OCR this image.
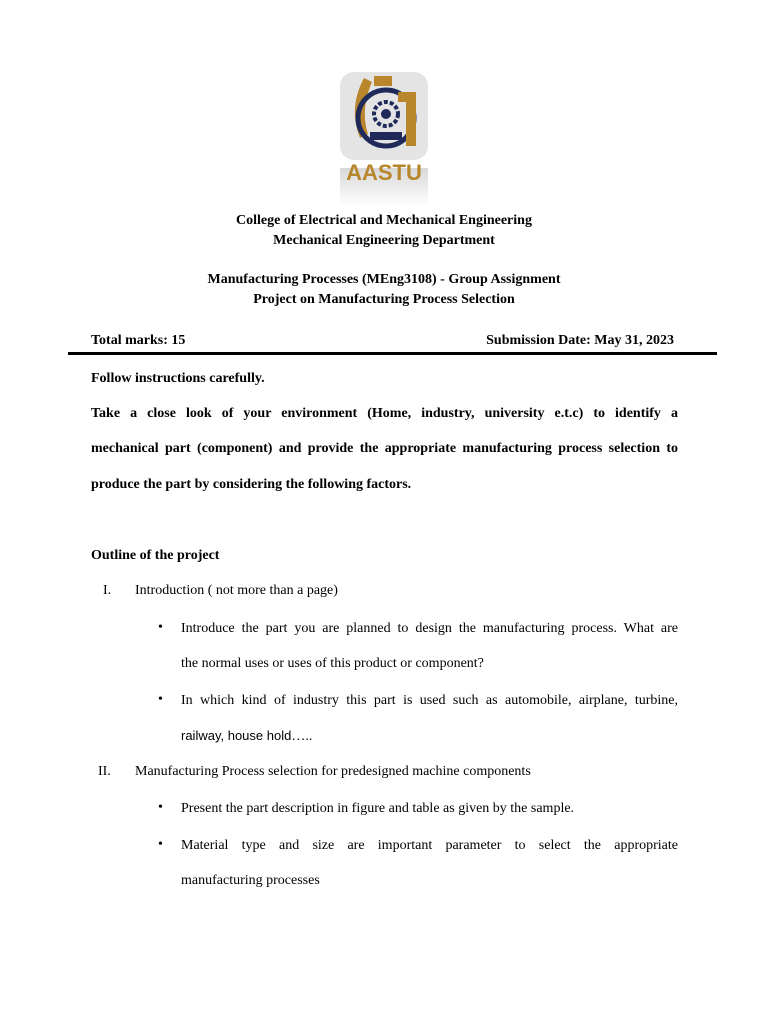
AASTU
College of Electrical and Mechanical Engineering
Mechanical Engineering Department
Manufacturing Processes (MEng3108) - Group Assignment
Project on Manufacturing Process Selection
Total marks: 15	Submission Date: May 31, 2023
Follow instructions carefully.
Take a close look of your environment (Home, industry, university e.t.c) to identify a
mechanical part (component) and provide the appropriate manufacturing process selection to
produce the part by considering the following factors.
Outline of the project
I. Introduction ( not more than a page)
• Introduce the part you are planned to design the manufacturing process. What are
the normal uses or uses of this product or component?
• In which kind of industry this part is used such as automobile, airplane, turbine,
railway, house hold…..
II. Manufacturing Process selection for predesigned machine components
• Present the part description in figure and table as given by the sample.
• Material type and size are important parameter to select the appropriate
manufacturing processes
